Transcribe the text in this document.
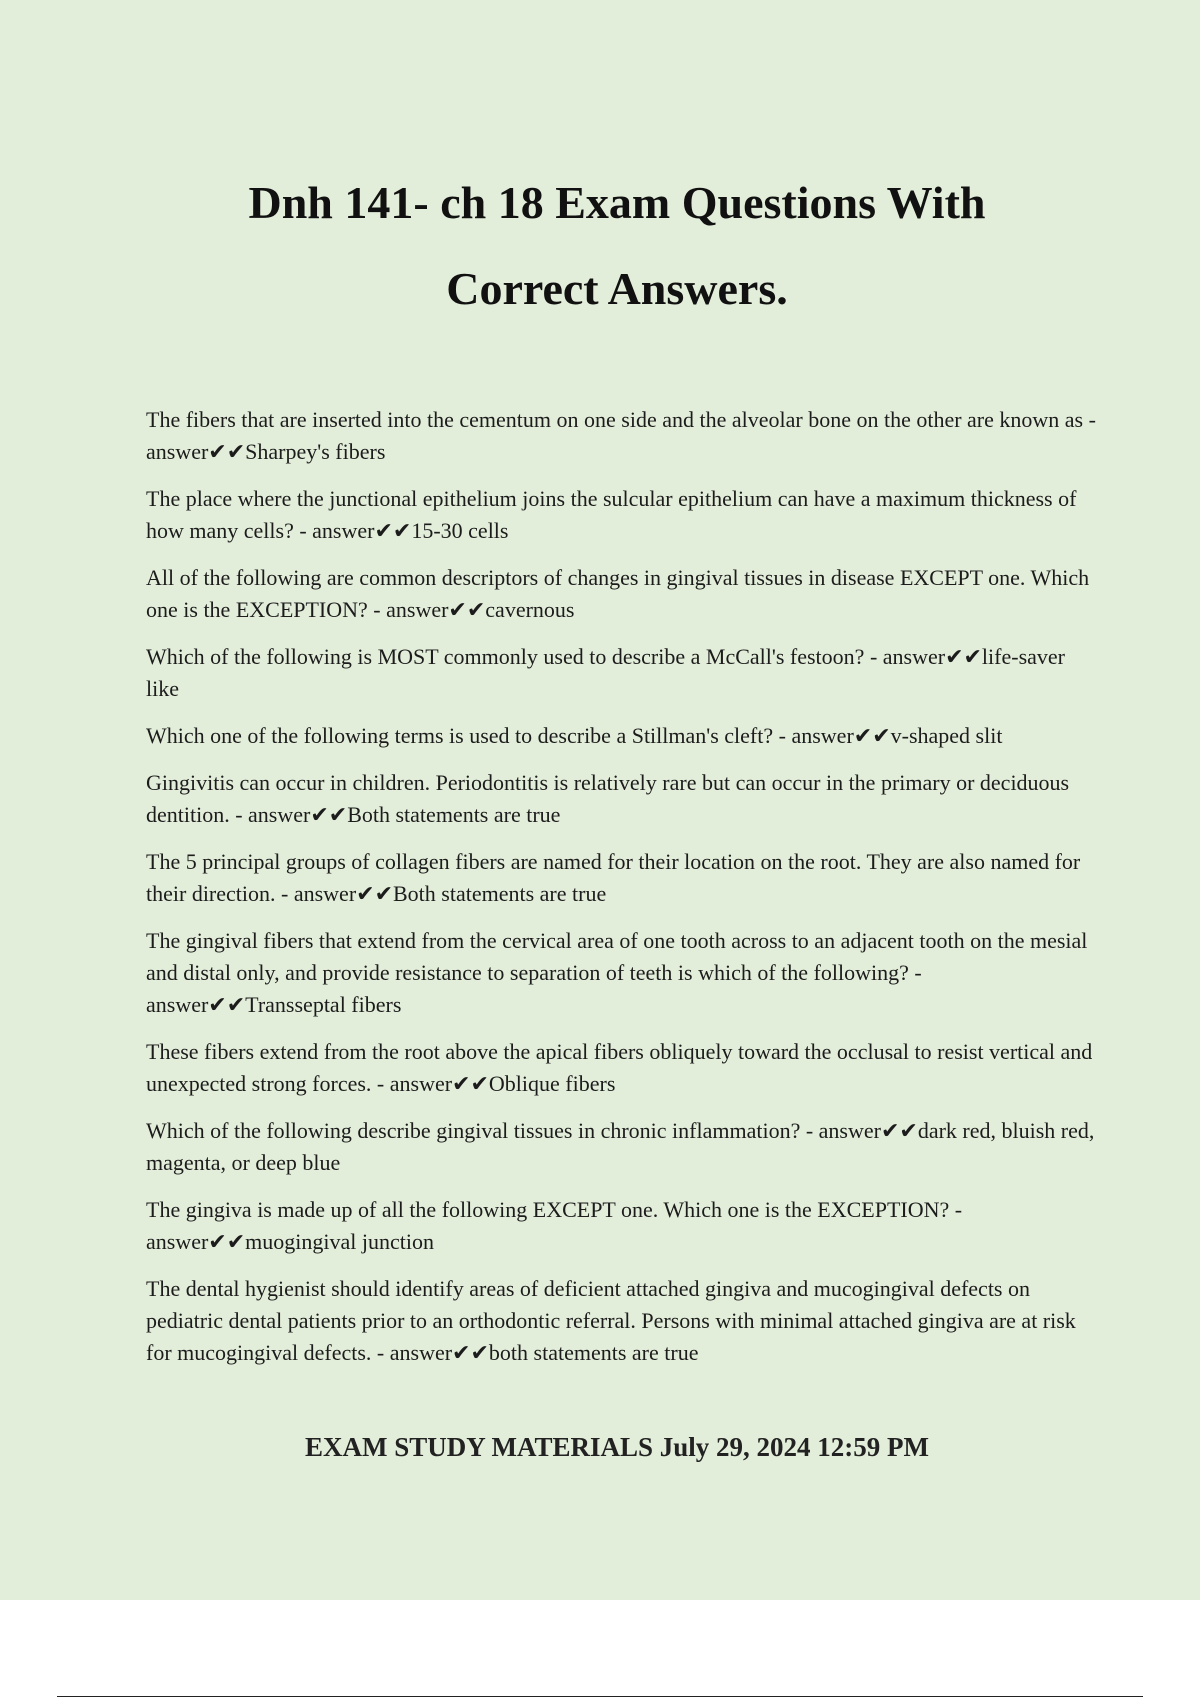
Dnh 141- ch 18 Exam Questions With
Correct Answers.
The fibers that are inserted into the cementum on one side and the alveolar bone on the other are known as - answer✔✔Sharpey's fibers
The place where the junctional epithelium joins the sulcular epithelium can have a maximum thickness of how many cells? - answer✔✔15-30 cells
All of the following are common descriptors of changes in gingival tissues in disease EXCEPT one. Which one is the EXCEPTION? - answer✔✔cavernous
Which of the following is MOST commonly used to describe a McCall's festoon? - answer✔✔life-saver like
Which one of the following terms is used to describe a Stillman's cleft? - answer✔✔v-shaped slit
Gingivitis can occur in children. Periodontitis is relatively rare but can occur in the primary or deciduous dentition. - answer✔✔Both statements are true
The 5 principal groups of collagen fibers are named for their location on the root. They are also named for their direction. - answer✔✔Both statements are true
The gingival fibers that extend from the cervical area of one tooth across to an adjacent tooth on the mesial and distal only, and provide resistance to separation of teeth is which of the following? - answer✔✔Transseptal fibers
These fibers extend from the root above the apical fibers obliquely toward the occlusal to resist vertical and unexpected strong forces. - answer✔✔Oblique fibers
Which of the following describe gingival tissues in chronic inflammation? - answer✔✔dark red, bluish red, magenta, or deep blue
The gingiva is made up of all the following EXCEPT one. Which one is the EXCEPTION? - answer✔✔muogingival junction
The dental hygienist should identify areas of deficient attached gingiva and mucogingival defects on pediatric dental patients prior to an orthodontic referral. Persons with minimal attached gingiva are at risk for mucogingival defects. - answer✔✔both statements are true

EXAM STUDY MATERIALS July 29, 2024 12:59 PM
